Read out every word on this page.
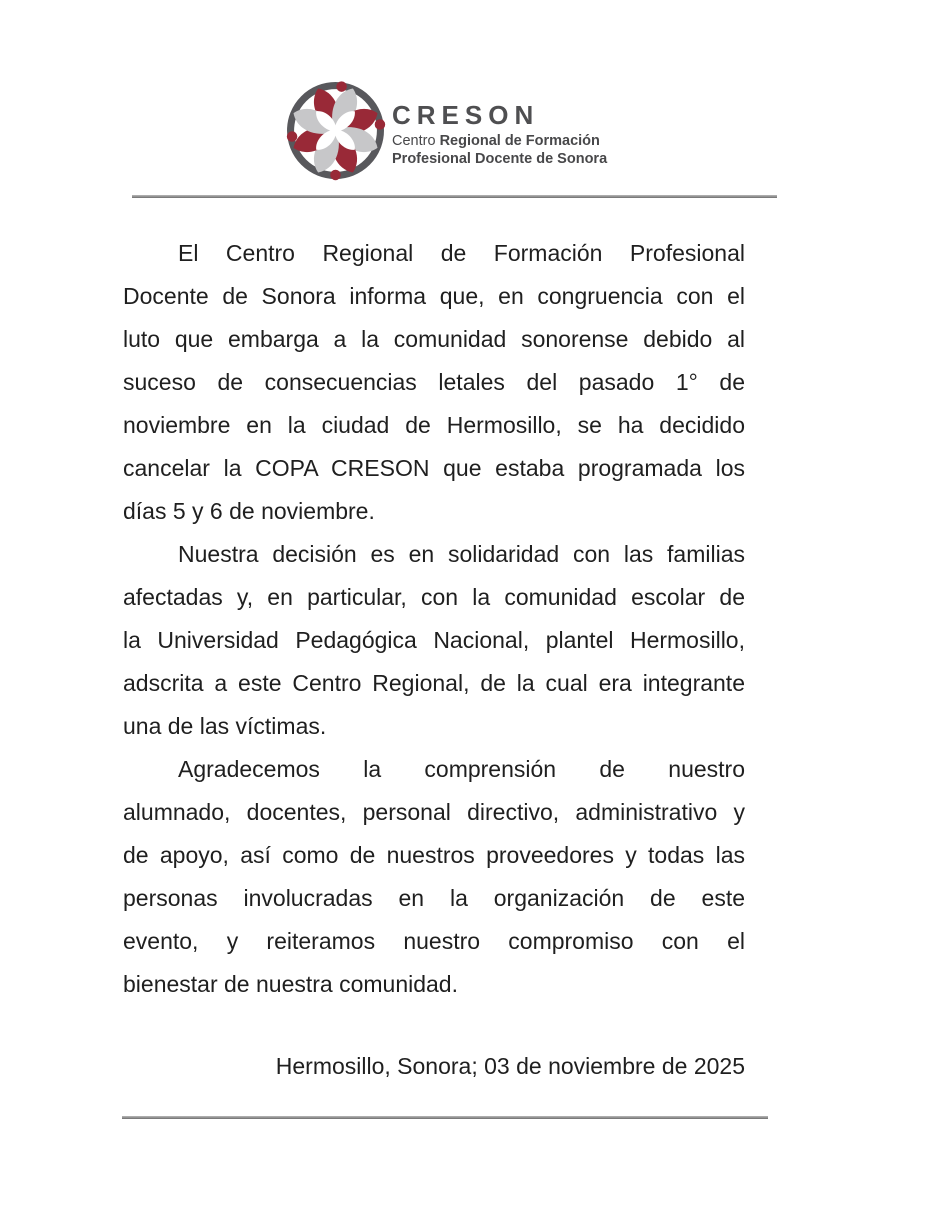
CRESON
Centro Regional de Formación
Profesional Docente de Sonora
El Centro Regional de Formación Profesional
Docente de Sonora informa que, en congruencia con el
luto que embarga a la comunidad sonorense debido al
suceso de consecuencias letales del pasado 1° de
noviembre en la ciudad de Hermosillo, se ha decidido
cancelar la COPA CRESON que estaba programada los
días 5 y 6 de noviembre.
Nuestra decisión es en solidaridad con las familias
afectadas y, en particular, con la comunidad escolar de
la Universidad Pedagógica Nacional, plantel Hermosillo,
adscrita a este Centro Regional, de la cual era integrante
una de las víctimas.
Agradecemos la comprensión de nuestro
alumnado, docentes, personal directivo, administrativo y
de apoyo, así como de nuestros proveedores y todas las
personas involucradas en la organización de este
evento, y reiteramos nuestro compromiso con el
bienestar de nuestra comunidad.
Hermosillo, Sonora; 03 de noviembre de 2025
